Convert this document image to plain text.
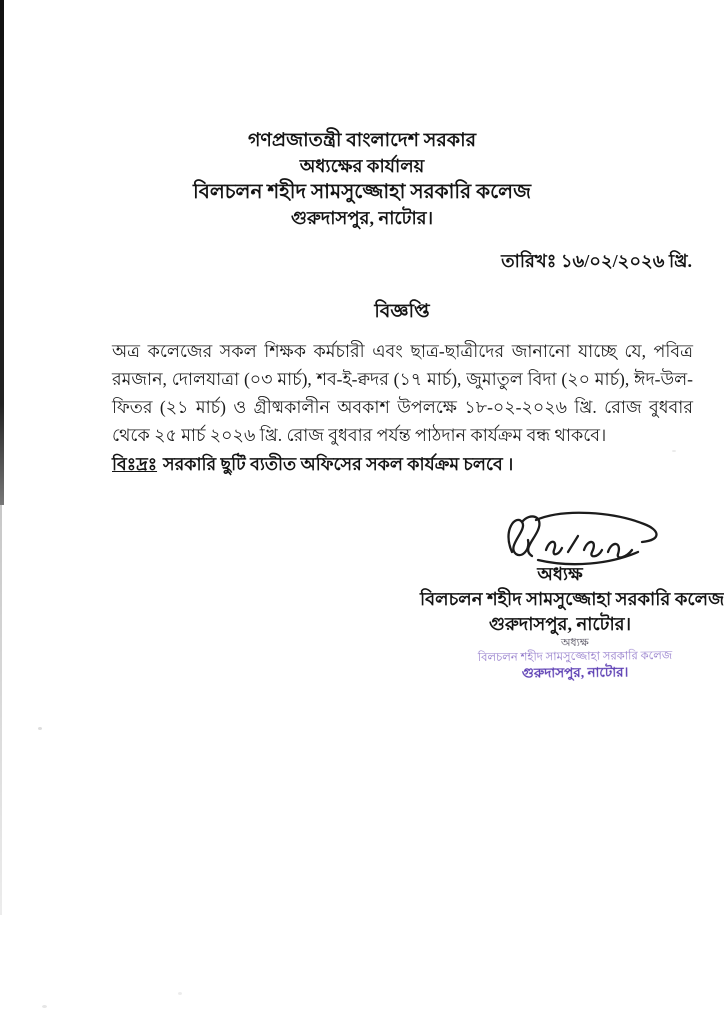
গণপ্রজাতন্ত্রী বাংলাদেশ সরকার
অধ্যক্ষের কার্যালয়
বিলচলন শহীদ সামসুজ্জোহা সরকারি কলেজ
গুরুদাসপুর, নাটোর।
তারিখঃ ১৬/০২/২০২৬ খ্রি.
বিজ্ঞপ্তি
অত্র কলেজের সকল শিক্ষক কর্মচারী এবং ছাত্র-ছাত্রীদের জানানো যাচ্ছে যে, পবিত্র রমজান, দোলযাত্রা (০৩ মার্চ), শব-ই-ক্বদর (১৭ মার্চ), জুমাতুল বিদা (২০ মার্চ), ঈদ-উল-ফিতর (২১ মার্চ) ও গ্রীষ্মকালীন অবকাশ উপলক্ষে ১৮-০২-২০২৬ খ্রি. রোজ বুধবার থেকে ২৫ মার্চ ২০২৬ খ্রি. রোজ বুধবার পর্যন্ত পাঠদান কার্যক্রম বন্ধ থাকবে।
বিঃদ্রঃ সরকারি ছুটি ব্যতীত অফিসের সকল কার্যক্রম চলবে ।
অধ্যক্ষ
বিলচলন শহীদ সামসুজ্জোহা সরকারি কলেজ
গুরুদাসপুর, নাটোর।
অধ্যক্ষ
বিলচলন শহীদ সামসুজ্জোহা সরকারি কলেজ
গুরুদাসপুর, নাটোর।
